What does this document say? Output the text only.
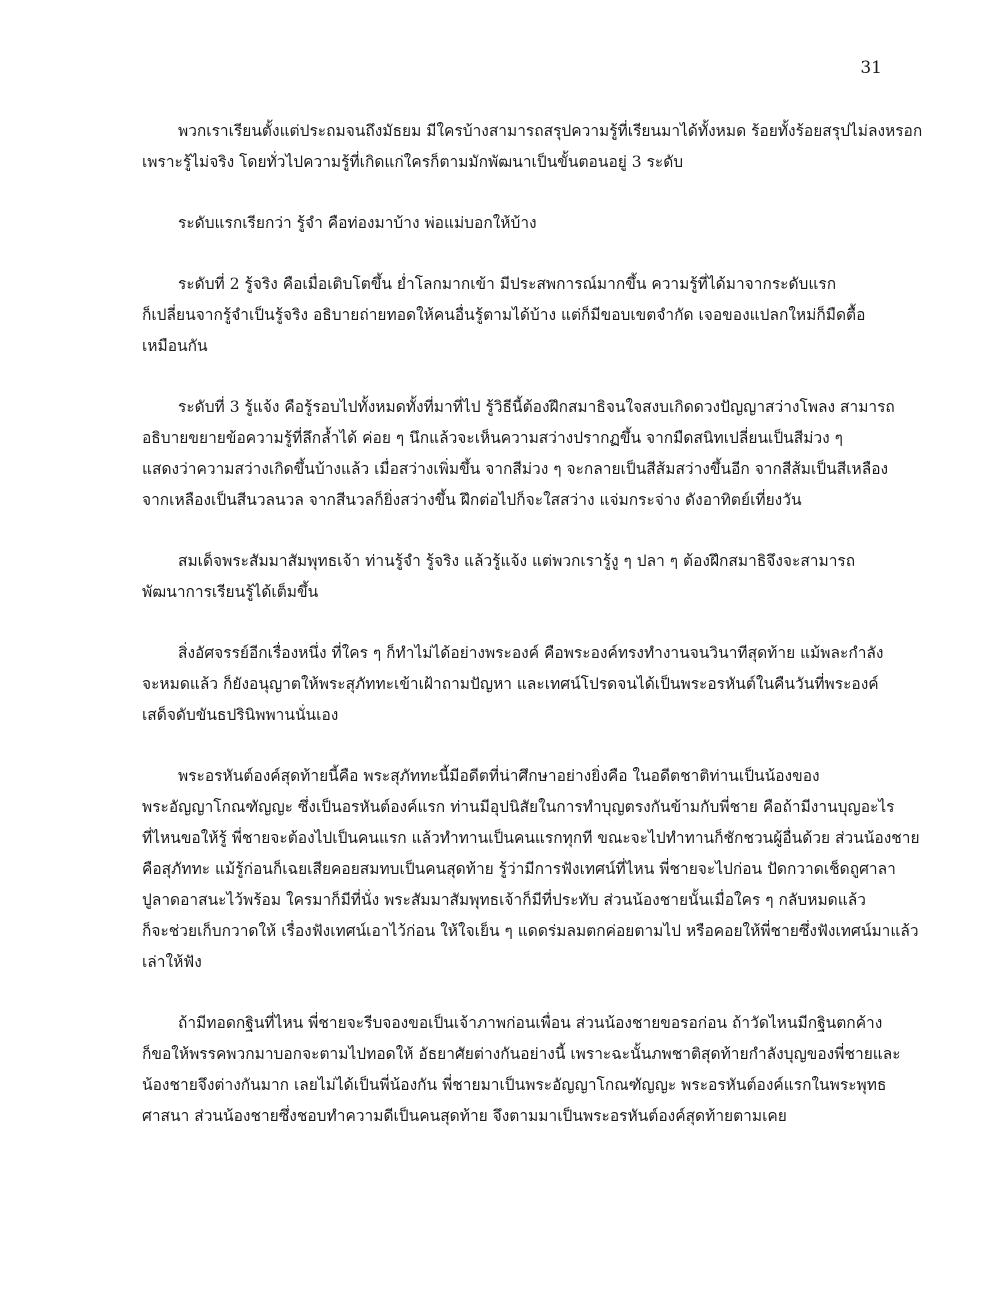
31
พวกเราเรียนตั้งแต่ประถมจนถึงมัธยม มีใครบ้างสามารถสรุปความรู้ที่เรียนมาได้ทั้งหมด ร้อยทั้งร้อยสรุปไม่ลงหรอก
เพราะรู้ไม่จริง โดยทั่วไปความรู้ที่เกิดแก่ใครก็ตามมักพัฒนาเป็นขั้นตอนอยู่ 3 ระดับ
ระดับแรกเรียกว่า รู้จำ คือท่องมาบ้าง พ่อแม่บอกให้บ้าง
ระดับที่ 2 รู้จริง คือเมื่อเติบโตขึ้น ย่ำโลกมากเข้า มีประสพการณ์มากขึ้น ความรู้ที่ได้มาจากระดับแรก
ก็เปลี่ยนจากรู้จำเป็นรู้จริง อธิบายถ่ายทอดให้คนอื่นรู้ตามได้บ้าง แต่ก็มีขอบเขตจำกัด เจอของแปลกใหม่ก็มืดตื้อ
เหมือนกัน
ระดับที่ 3 รู้แจ้ง คือรู้รอบไปทั้งหมดทั้งที่มาที่ไป รู้วิธีนี้ต้องฝึกสมาธิจนใจสงบเกิดดวงปัญญาสว่างโพลง สามารถ
อธิบายขยายข้อความรู้ที่ลึกล้ำได้ ค่อย ๆ นึกแล้วจะเห็นความสว่างปรากฏขึ้น จากมืดสนิทเปลี่ยนเป็นสีม่วง ๆ
แสดงว่าความสว่างเกิดขึ้นบ้างแล้ว เมื่อสว่างเพิ่มขึ้น จากสีม่วง ๆ จะกลายเป็นสีส้มสว่างขึ้นอีก จากสีส้มเป็นสีเหลือง
จากเหลืองเป็นสีนวลนวล จากสีนวลก็ยิ่งสว่างขึ้น ฝึกต่อไปก็จะใสสว่าง แจ่มกระจ่าง ดังอาทิตย์เที่ยงวัน
สมเด็จพระสัมมาสัมพุทธเจ้า ท่านรู้จำ รู้จริง แล้วรู้แจ้ง แต่พวกเรารู้งู ๆ ปลา ๆ ต้องฝึกสมาธิจึงจะสามารถ
พัฒนาการเรียนรู้ได้เต็มขึ้น
สิ่งอัศจรรย์อีกเรื่องหนึ่ง ที่ใคร ๆ ก็ทำไม่ได้อย่างพระองค์ คือพระองค์ทรงทำงานจนวินาทีสุดท้าย แม้พละกำลัง
จะหมดแล้ว ก็ยังอนุญาตให้พระสุภัททะเข้าเฝ้าถามปัญหา และเทศน์โปรดจนได้เป็นพระอรหันต์ในคืนวันที่พระองค์
เสด็จดับขันธปรินิพพานนั่นเอง
พระอรหันต์องค์สุดท้ายนี้คือ พระสุภัททะนี้มีอดีตที่น่าศึกษาอย่างยิ่งคือ ในอดีตชาติท่านเป็นน้องของ
พระอัญญาโกณฑัญญะ ซึ่งเป็นอรหันต์องค์แรก ท่านมีอุปนิสัยในการทำบุญตรงกันข้ามกับพี่ชาย คือถ้ามีงานบุญอะไร
ที่ไหนขอให้รู้ พี่ชายจะต้องไปเป็นคนแรก แล้วทำทานเป็นคนแรกทุกที ขณะจะไปทำทานก็ชักชวนผู้อื่นด้วย ส่วนน้องชาย
คือสุภัททะ แม้รู้ก่อนก็เฉยเสียคอยสมทบเป็นคนสุดท้าย รู้ว่ามีการฟังเทศน์ที่ไหน พี่ชายจะไปก่อน ปัดกวาดเช็ดถูศาลา
ปูลาดอาสนะไว้พร้อม ใครมาก็มีที่นั่ง พระสัมมาสัมพุทธเจ้าก็มีที่ประทับ ส่วนน้องชายนั้นเมื่อใคร ๆ กลับหมดแล้ว
ก็จะช่วยเก็บกวาดให้ เรื่องฟังเทศน์เอาไว้ก่อน ให้ใจเย็น ๆ แดดร่มลมตกค่อยตามไป หรือคอยให้พี่ชายซึ่งฟังเทศน์มาแล้ว
เล่าให้ฟัง
ถ้ามีทอดกฐินที่ไหน พี่ชายจะรีบจองขอเป็นเจ้าภาพก่อนเพื่อน ส่วนน้องชายขอรอก่อน ถ้าวัดไหนมีกฐินตกค้าง
ก็ขอให้พรรคพวกมาบอกจะตามไปทอดให้ อัธยาศัยต่างกันอย่างนี้ เพราะฉะนั้นภพชาติสุดท้ายกำลังบุญของพี่ชายและ
น้องชายจึงต่างกันมาก เลยไม่ได้เป็นพี่น้องกัน พี่ชายมาเป็นพระอัญญาโกณฑัญญะ พระอรหันต์องค์แรกในพระพุทธ
ศาสนา ส่วนน้องชายซึ่งชอบทำความดีเป็นคนสุดท้าย จึงตามมาเป็นพระอรหันต์องค์สุดท้ายตามเคย
